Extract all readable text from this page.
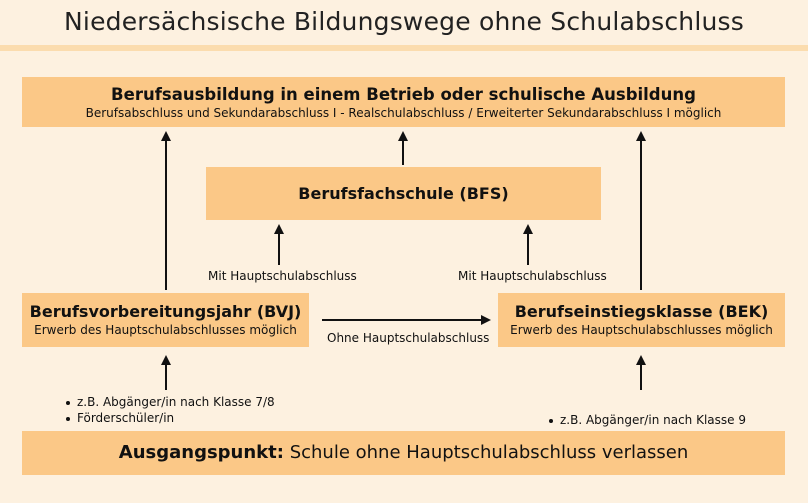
Niedersächsische Bildungswege ohne Schulabschluss
Berufsausbildung in einem Betrieb oder schulische Ausbildung
Berufsabschluss und Sekundarabschluss I - Realschulabschluss / Erweiterter Sekundarabschluss I möglich
Berufsfachschule (BFS)
Mit Hauptschulabschluss	Mit Hauptschulabschluss
Berufsvorbereitungsjahr (BVJ)
Erwerb des Hauptschulabschlusses möglich
Ohne Hauptschulabschluss
Berufseinstiegsklasse (BEK)
Erwerb des Hauptschulabschlusses möglich
z.B. Abgänger/in nach Klasse 7/8
Förderschüler/in	z.B. Abgänger/in nach Klasse 9
Ausgangspunkt: Schule ohne Hauptschulabschluss verlassen
